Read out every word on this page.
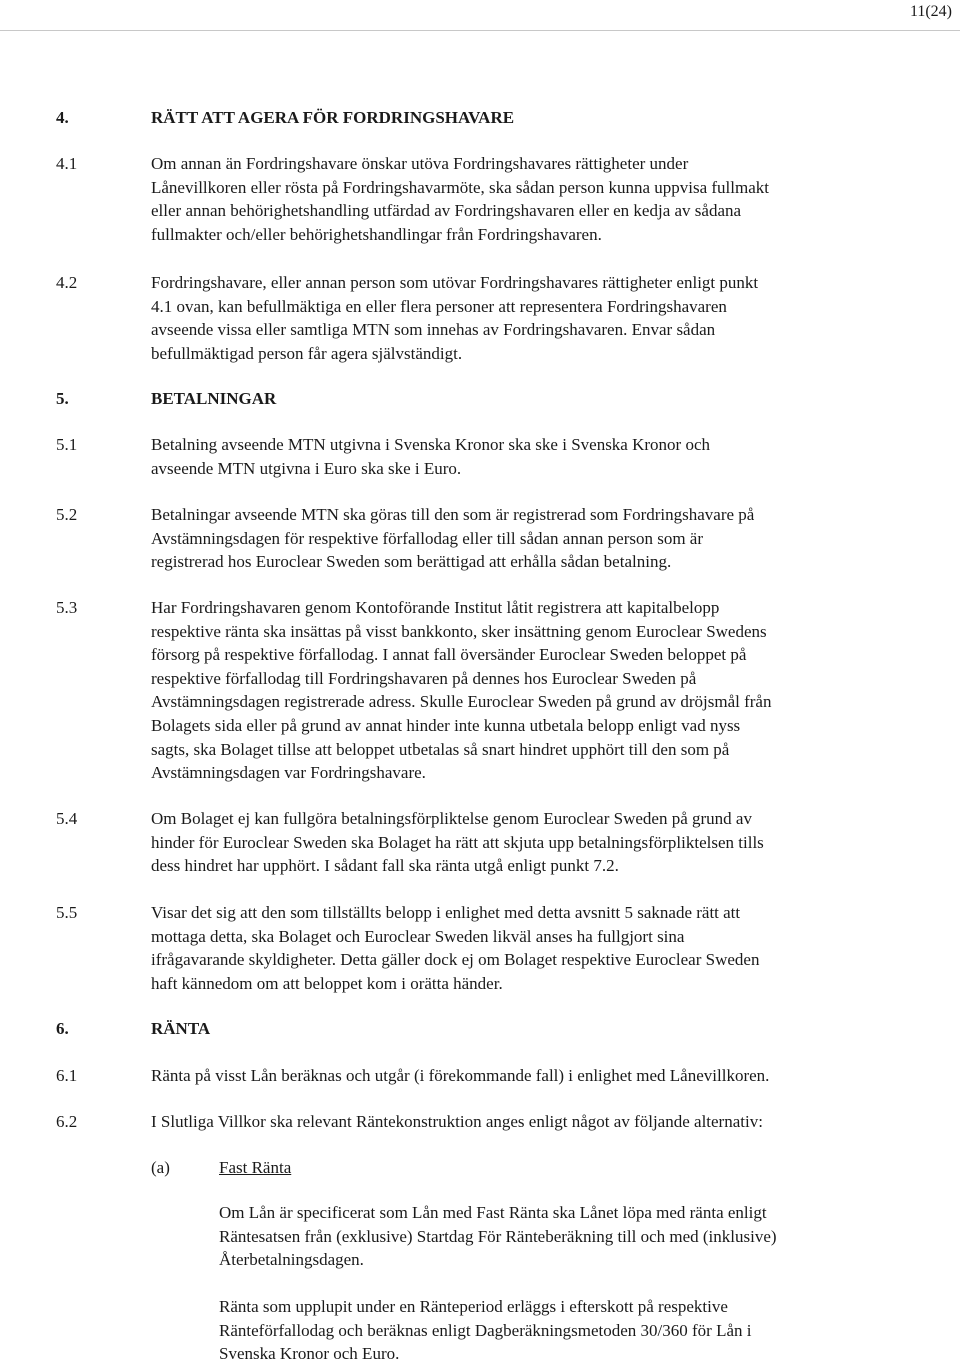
11(24)
4.	RÄTT ATT AGERA FÖR FORDRINGSHAVARE
4.1	Om annan än Fordringshavare önskar utöva Fordringshavares rättigheter under
Lånevillkoren eller rösta på Fordringshavarmöte, ska sådan person kunna uppvisa fullmakt
eller annan behörighetshandling utfärdad av Fordringshavaren eller en kedja av sådana
fullmakter och/eller behörighetshandlingar från Fordringshavaren.
4.2	Fordringshavare, eller annan person som utövar Fordringshavares rättigheter enligt punkt
4.1 ovan, kan befullmäktiga en eller flera personer att representera Fordringshavaren
avseende vissa eller samtliga MTN som innehas av Fordringshavaren. Envar sådan
befullmäktigad person får agera självständigt.
5.	BETALNINGAR
5.1	Betalning avseende MTN utgivna i Svenska Kronor ska ske i Svenska Kronor och
avseende MTN utgivna i Euro ska ske i Euro.
5.2	Betalningar avseende MTN ska göras till den som är registrerad som Fordringshavare på
Avstämningsdagen för respektive förfallodag eller till sådan annan person som är
registrerad hos Euroclear Sweden som berättigad att erhålla sådan betalning.
5.3	Har Fordringshavaren genom Kontoförande Institut låtit registrera att kapitalbelopp
respektive ränta ska insättas på visst bankkonto, sker insättning genom Euroclear Swedens
försorg på respektive förfallodag. I annat fall översänder Euroclear Sweden beloppet på
respektive förfallodag till Fordringshavaren på dennes hos Euroclear Sweden på
Avstämningsdagen registrerade adress. Skulle Euroclear Sweden på grund av dröjsmål från
Bolagets sida eller på grund av annat hinder inte kunna utbetala belopp enligt vad nyss
sagts, ska Bolaget tillse att beloppet utbetalas så snart hindret upphört till den som på
Avstämningsdagen var Fordringshavare.
5.4	Om Bolaget ej kan fullgöra betalningsförpliktelse genom Euroclear Sweden på grund av
hinder för Euroclear Sweden ska Bolaget ha rätt att skjuta upp betalningsförpliktelsen tills
dess hindret har upphört. I sådant fall ska ränta utgå enligt punkt 7.2.
5.5	Visar det sig att den som tillställts belopp i enlighet med detta avsnitt 5 saknade rätt att
mottaga detta, ska Bolaget och Euroclear Sweden likväl anses ha fullgjort sina
ifrågavarande skyldigheter. Detta gäller dock ej om Bolaget respektive Euroclear Sweden
haft kännedom om att beloppet kom i orätta händer.
6.	RÄNTA
6.1	Ränta på visst Lån beräknas och utgår (i förekommande fall) i enlighet med Lånevillkoren.
6.2	I Slutliga Villkor ska relevant Räntekonstruktion anges enligt något av följande alternativ:
(a)	Fast Ränta
Om Lån är specificerat som Lån med Fast Ränta ska Lånet löpa med ränta enligt
Räntesatsen från (exklusive) Startdag För Ränteberäkning till och med (inklusive)
Återbetalningsdagen.
Ränta som upplupit under en Ränteperiod erläggs i efterskott på respektive
Ränteförfallodag och beräknas enligt Dagberäkningsmetoden 30/360 för Lån i
Svenska Kronor och Euro.
